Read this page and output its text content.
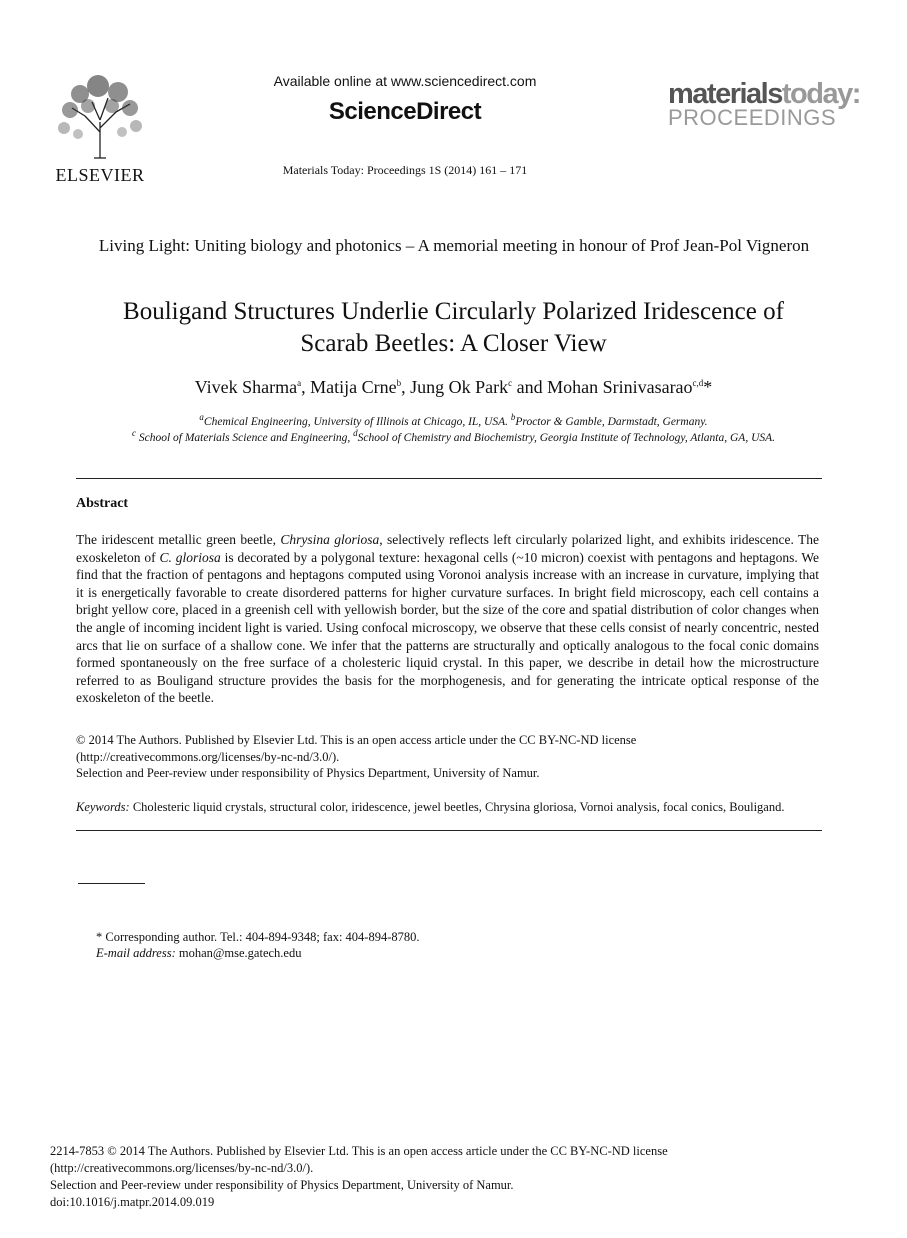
ELSEVIER
Available online at www.sciencedirect.com
ScienceDirect
Materials Today: Proceedings 1S (2014) 161 – 171
materialstoday:
PROCEEDINGS
Living Light: Uniting biology and photonics – A memorial meeting in honour of Prof Jean-Pol Vigneron
Bouligand Structures Underlie Circularly Polarized Iridescence of
Scarab Beetles: A Closer View
Vivek Sharma$^a$, Matija Crne$^b$, Jung Ok Park$^c$ and Mohan Srinivasarao$^{c,d}$*
$^a$Chemical Engineering, University of Illinois at Chicago, IL, USA. $^b$Proctor & Gamble, Darmstadt, Germany.
$^c$ School of Materials Science and Engineering, $^d$School of Chemistry and Biochemistry, Georgia Institute of Technology, Atlanta, GA, USA.
Abstract
The iridescent metallic green beetle, Chrysina gloriosa, selectively reflects left circularly polarized light, and exhibits iridescence. The exoskeleton of C. gloriosa is decorated by a polygonal texture: hexagonal cells (~10 micron) coexist with pentagons and heptagons. We find that the fraction of pentagons and heptagons computed using Voronoi analysis increase with an increase in curvature, implying that it is energetically favorable to create disordered patterns for higher curvature surfaces. In bright field microscopy, each cell contains a bright yellow core, placed in a greenish cell with yellowish border, but the size of the core and spatial distribution of color changes when the angle of incoming incident light is varied. Using confocal microscopy, we observe that these cells consist of nearly concentric, nested arcs that lie on surface of a shallow cone. We infer that the patterns are structurally and optically analogous to the focal conic domains formed spontaneously on the free surface of a cholesteric liquid crystal. In this paper, we describe in detail how the microstructure referred to as Bouligand structure provides the basis for the morphogenesis, and for generating the intricate optical response of the exoskeleton of the beetle.
© 2014 The Authors. Published by Elsevier Ltd. This is an open access article under the CC BY-NC-ND license
(http://creativecommons.org/licenses/by-nc-nd/3.0/).
Selection and Peer-review under responsibility of Physics Department, University of Namur.
Keywords: Cholesteric liquid crystals, structural color, iridescence, jewel beetles, Chrysina gloriosa, Vornoi analysis, focal conics, Bouligand.
* Corresponding author. Tel.: 404-894-9348; fax: 404-894-8780.
E-mail address: mohan@mse.gatech.edu
2214-7853 © 2014 The Authors. Published by Elsevier Ltd. This is an open access article under the CC BY-NC-ND license
(http://creativecommons.org/licenses/by-nc-nd/3.0/).
Selection and Peer-review under responsibility of Physics Department, University of Namur.
doi:10.1016/j.matpr.2014.09.019
